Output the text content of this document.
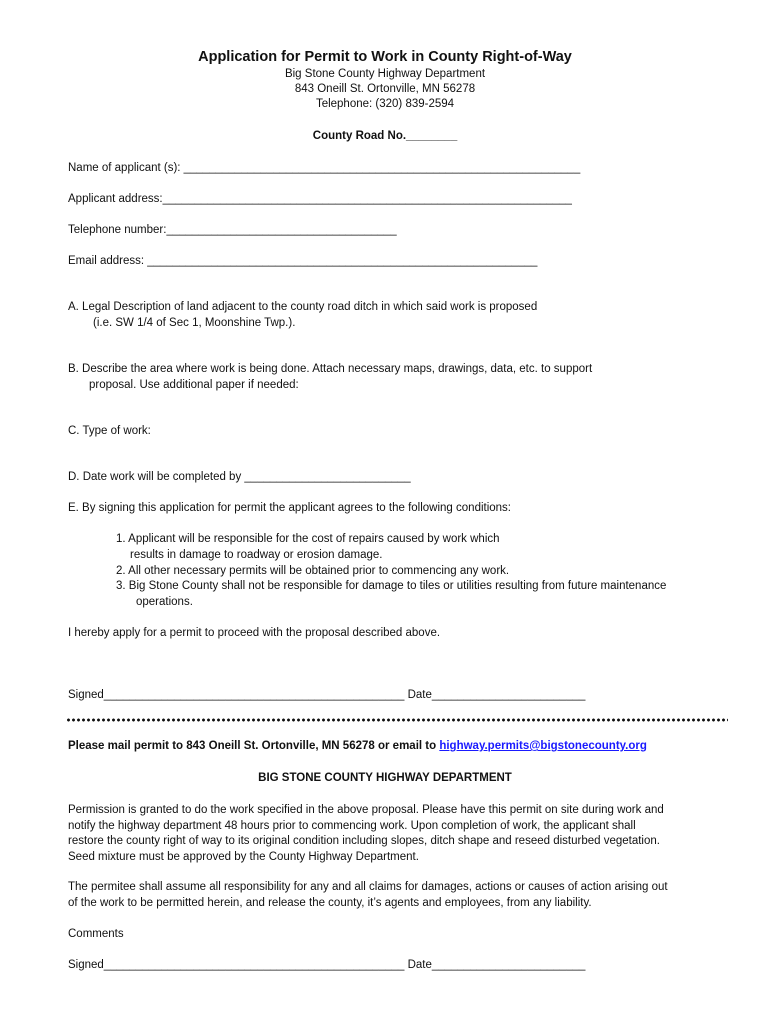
Application for Permit to Work in County Right-of-Way
Big Stone County Highway Department
843 Oneill St. Ortonville, MN 56278
Telephone: (320) 839-2594
County Road No.________
Name of applicant (s): ______________________________________________________________
Applicant address:________________________________________________________________
Telephone number:____________________________________
Email address: _____________________________________________________________
A. Legal Description of land adjacent to the county road ditch in which said work is proposed
(i.e. SW 1/4 of Sec 1, Moonshine Twp.).
B. Describe the area where work is being done. Attach necessary maps, drawings, data, etc. to support
proposal. Use additional paper if needed:
C. Type of work:
D. Date work will be completed by __________________________
E. By signing this application for permit the applicant agrees to the following conditions:
1. Applicant will be responsible for the cost of repairs caused by work which
results in damage to roadway or erosion damage.
2. All other necessary permits will be obtained prior to commencing any work.
3. Big Stone County shall not be responsible for damage to tiles or utilities resulting from future maintenance
operations.
I hereby apply for a permit to proceed with the proposal described above.
Signed_______________________________________________ Date________________________
Please mail permit to 843 Oneill St. Ortonville, MN 56278 or email to highway.permits@bigstonecounty.org
BIG STONE COUNTY HIGHWAY DEPARTMENT
Permission is granted to do the work specified in the above proposal. Please have this permit on site during work and
notify the highway department 48 hours prior to commencing work. Upon completion of work, the applicant shall
restore the county right of way to its original condition including slopes, ditch shape and reseed disturbed vegetation.
Seed mixture must be approved by the County Highway Department.
The permitee shall assume all responsibility for any and all claims for damages, actions or causes of action arising out
of the work to be permitted herein, and release the county, it’s agents and employees, from any liability.
Comments
Signed_______________________________________________ Date________________________
